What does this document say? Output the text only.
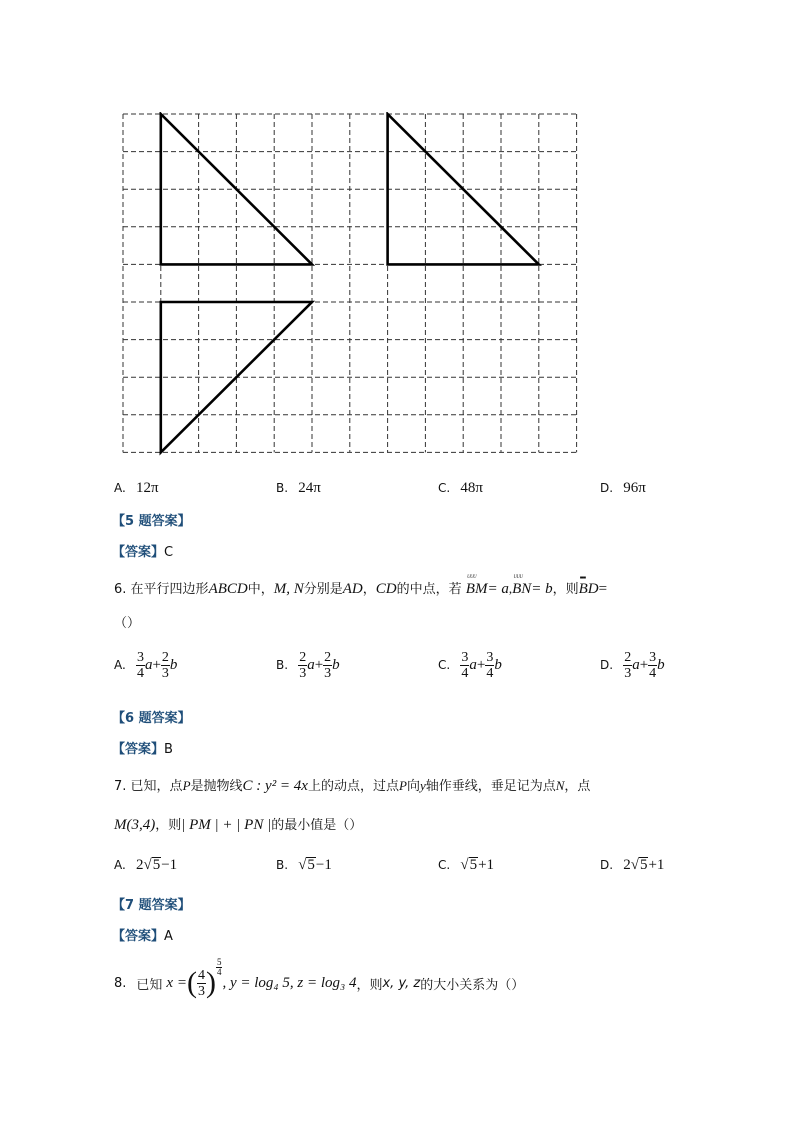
A. 12π	B. 24π	C. 48π	D. 96π
【5 题答案】
【答案】C
6. 在平行四边形ABCD中，M, N分别是AD，CD的中点，若
ᵁᵁᵁ
BM= a,
ᵁᵁᵁ
BN= b，则
▪▪▪
BD=
（）
A. $\frac{3}{4} a+ \frac{2}{3}$ b	B. $\frac{2}{3} a+ \frac{2}{3}$ b	C. $\frac{3}{4} a+ \frac{3}{4}$ b	D. $\frac{2}{3} a+ \frac{3}{4}$ b
【6 题答案】
【答案】B
7. 已知，点P是抛物线C : y² = 4x上的动点，过点P向y轴作垂线，垂足记为点N，点
M(3,4)，则| PM | + | PN |的最小值是（）
A. 2√5−1	B. √5−1	C. √5+1	D. 2√5+1
【7 题答案】
【答案】A
8. 已知 x = ( $\frac{4}{3}$ ) $\frac{5}{4}$
, y = log₄ 5, z = log₃ 4 ，则 x, y, z 的大小关系为（）
